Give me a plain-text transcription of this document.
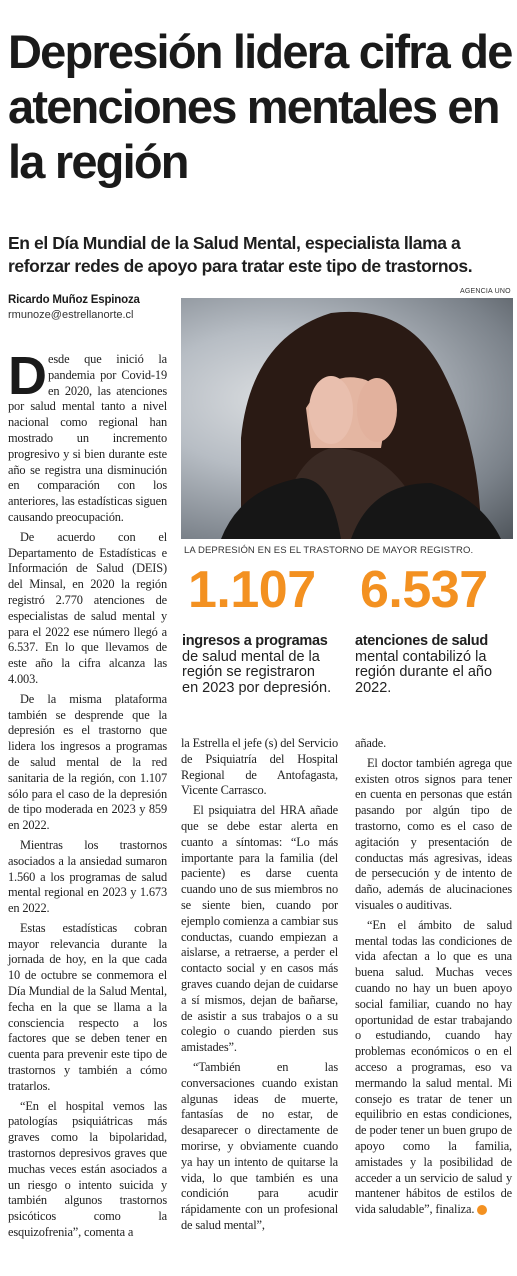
Depresión lidera cifra de atenciones mentales en la región
En el Día Mundial de la Salud Mental, especialista llama a reforzar redes de apoyo para tratar este tipo de trastornos.
Ricardo Muñoz Espinoza
rmunoze@estrellanorte.cl
AGENCIA UNO
LA DEPRESIÓN EN ES EL TRASTORNO DE MAYOR REGISTRO.
1.107 6.537
ingresos a programas de salud mental de la región se registraron en 2023 por depresión.
atenciones de salud mental contabilizó la región durante el año 2022.

Desde que inició la pandemia por Covid-19 en 2020, las atenciones por salud mental tanto a nivel nacional como regional han mostrado un incremento progresivo y si bien durante este año se registra una disminución en comparación con los anteriores, las estadísticas siguen causando preocupación.

De acuerdo con el Departamento de Estadísticas e Información de Salud (DEIS) del Minsal, en 2020 la región registró 2.770 atenciones de especialistas de salud mental y para el 2022 ese número llegó a 6.537. En lo que llevamos de este año la cifra alcanza las 4.003.

De la misma plataforma también se desprende que la depresión es el trastorno que lidera los ingresos a programas de salud mental de la red sanitaria de la región, con 1.107 sólo para el caso de la depresión de tipo moderada en 2023 y 859 en 2022.

Mientras los trastornos asociados a la ansiedad sumaron 1.560 a los programas de salud mental regional en 2023 y 1.673 en 2022.

Estas estadísticas cobran mayor relevancia durante la jornada de hoy, en la que cada 10 de octubre se conmemora el Día Mundial de la Salud Mental, fecha en la que se llama a la consciencia respecto a los factores que se deben tener en cuenta para prevenir este tipo de trastornos y también a cómo tratarlos.

“En el hospital vemos las patologías psiquiátricas más graves como la bipolaridad, trastornos depresivos graves que muchas veces están asociados a un riesgo o intento suicida y también algunos trastornos psicóticos como la esquizofrenia”, comenta a

la Estrella el jefe (s) del Servicio de Psiquiatría del Hospital Regional de Antofagasta, Vicente Carrasco.

El psiquiatra del HRA añade que se debe estar alerta en cuanto a síntomas: “Lo más importante para la familia (del paciente) es darse cuenta cuando uno de sus miembros no se siente bien, cuando por ejemplo comienza a cambiar sus conductas, cuando empiezan a aislarse, a retraerse, a perder el contacto social y en casos más graves cuando dejan de cuidarse a sí mismos, dejan de bañarse, de asistir a sus trabajos o a su colegio o cuando pierden sus amistades”.

“También en las conversaciones cuando existan algunas ideas de muerte, fantasías de no estar, de desaparecer o directamente de morirse, y obviamente cuando ya hay un intento de quitarse la vida, lo que también es una condición para acudir rápidamente con un profesional de salud mental”,

añade.

El doctor también agrega que existen otros signos para tener en cuenta en personas que están pasando por algún tipo de trastorno, como es el caso de agitación y presentación de conductas más agresivas, ideas de persecución y de intento de daño, además de alucinaciones visuales o auditivas.

“En el ámbito de salud mental todas las condiciones de vida afectan a lo que es una buena salud. Muchas veces cuando no hay un buen apoyo social familiar, cuando no hay oportunidad de estar trabajando o estudiando, cuando hay problemas económicos o en el acceso a programas, eso va mermando la salud mental. Mi consejo es tratar de tener un equilibrio en estas condiciones, de poder tener un buen grupo de apoyo como la familia, amistades y la posibilidad de acceder a un servicio de salud y mantener hábitos de estilos de vida saludable”, finaliza. ✪
